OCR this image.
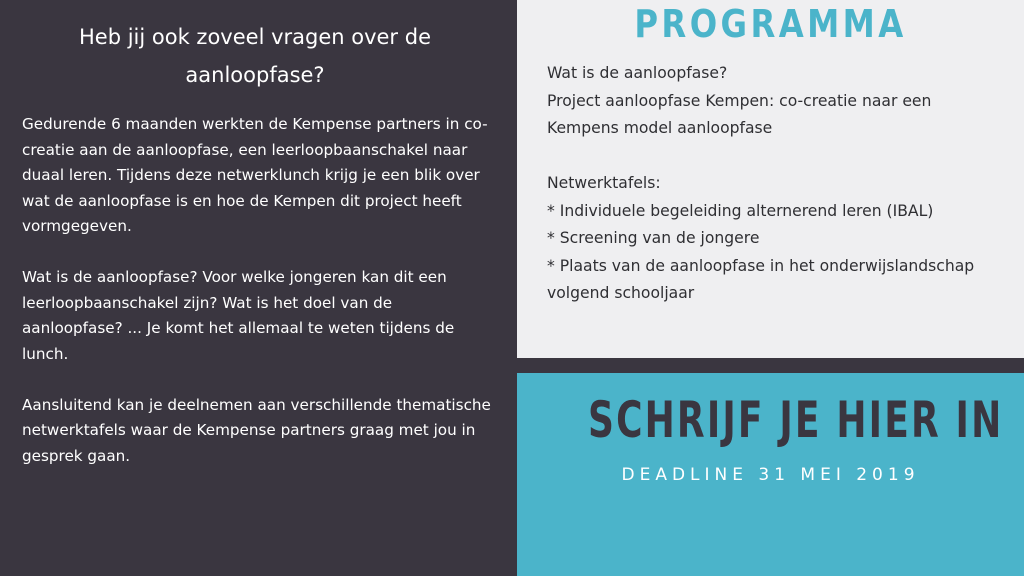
Heb jij ook zoveel vragen over de aanloopfase?

Gedurende 6 maanden werkten de Kempense partners in co-creatie aan de aanloopfase, een leerloopbaanschakel naar duaal leren. Tijdens deze netwerklunch krijg je een blik over wat de aanloopfase is en hoe de Kempen dit project heeft vormgegeven.

Wat is de aanloopfase? Voor welke jongeren kan dit een leerloopbaanschakel zijn? Wat is het doel van de aanloopfase? ... Je komt het allemaal te weten tijdens de lunch.

Aansluitend kan je deelnemen aan verschillende thematische netwerktafels waar de Kempense partners graag met jou in gesprek gaan.

PROGRAMMA
Wat is de aanloopfase?
Project aanloopfase Kempen: co-creatie naar een
Kempens model aanloopfase
Netwerktafels:
* Individuele begeleiding alternerend leren (IBAL)
* Screening van de jongere
* Plaats van de aanloopfase in het onderwijslandschap
volgend schooljaar
SCHRIJF JE HIER IN
DEADLINE 31 MEI 2019
